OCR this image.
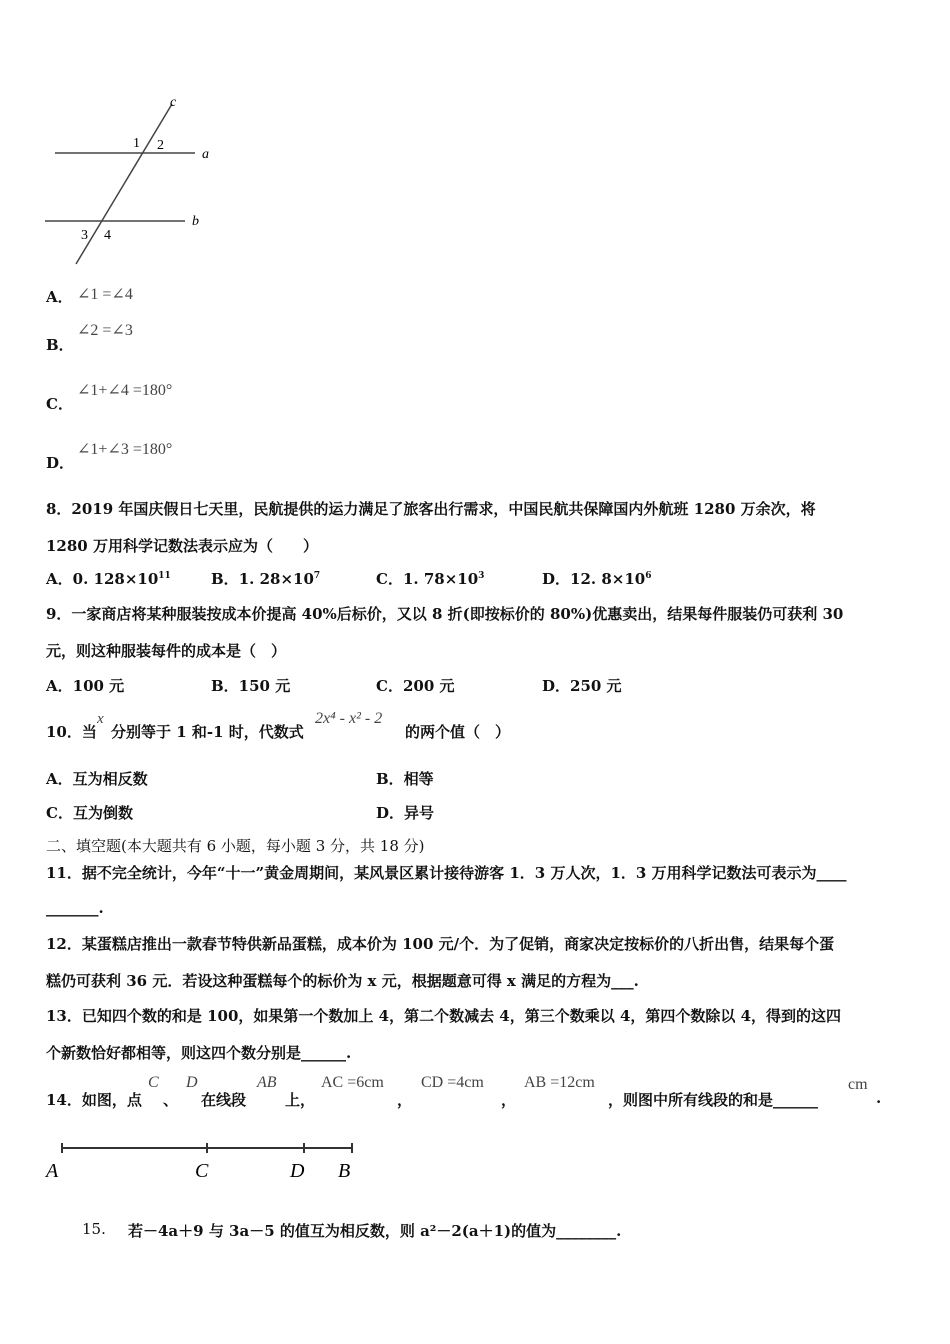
c
a
b
1 2
3 4
A． ∠1 =∠4
∠2 =∠3
B．
∠1+∠4 =180°
C．
∠1+∠3 =180°
D．
8．2019 年国庆假日七天里，民航提供的运力满足了旅客出行需求，中国民航共保障国内外航班 1280 万余次，将
1280 万用科学记数法表示应为（　　）
A．0. $128\times 10^{11}$	B．1. $28\times 10^7$	C．1. $78\times 10^3$	D．12. $8\times 10^6$
9．一家商店将某种服装按成本价提高 40%后标价，又以 8 折(即按标价的 80%)优惠卖出，结果每件服装仍可获利 30
元，则这种服装每件的成本是（　）
A．100 元	B．150 元	C．200 元	D．250 元
10．当
x
分别等于 1 和-1 时，代数式
2x⁴ - x² - 2
的两个值（　）
A．互为相反数	B．相等
C．互为倒数	D．异号
二、填空题(本大题共有 6 小题，每小题 3 分，共 18 分)
11．据不完全统计，今年“十一”黄金周期间，某风景区累计接待游客 1．3 万人次，1．3 万用科学记数法可表示为____
_______.
12．某蛋糕店推出一款春节特供新品蛋糕，成本价为 100 元/个．为了促销，商家决定按标价的八折出售，结果每个蛋
糕仍可获利 36 元．若设这种蛋糕每个的标价为 x 元，根据题意可得 x 满足的方程为___.
13．已知四个数的和是 100，如果第一个数加上 4，第二个数减去 4，第三个数乘以 4，第四个数除以 4，得到的这四
个新数恰好都相等，则这四个数分别是______.
14．如图，点
C
、
D
在线段
AB
上，
AC =6cm
，
CD =4cm
，
AB =12cm
，则图中所有线段的和是______
cm
.
A	C	D B
15. 若－4a＋9 与 3a－5 的值互为相反数，则 a²－2(a＋1)的值为________.
